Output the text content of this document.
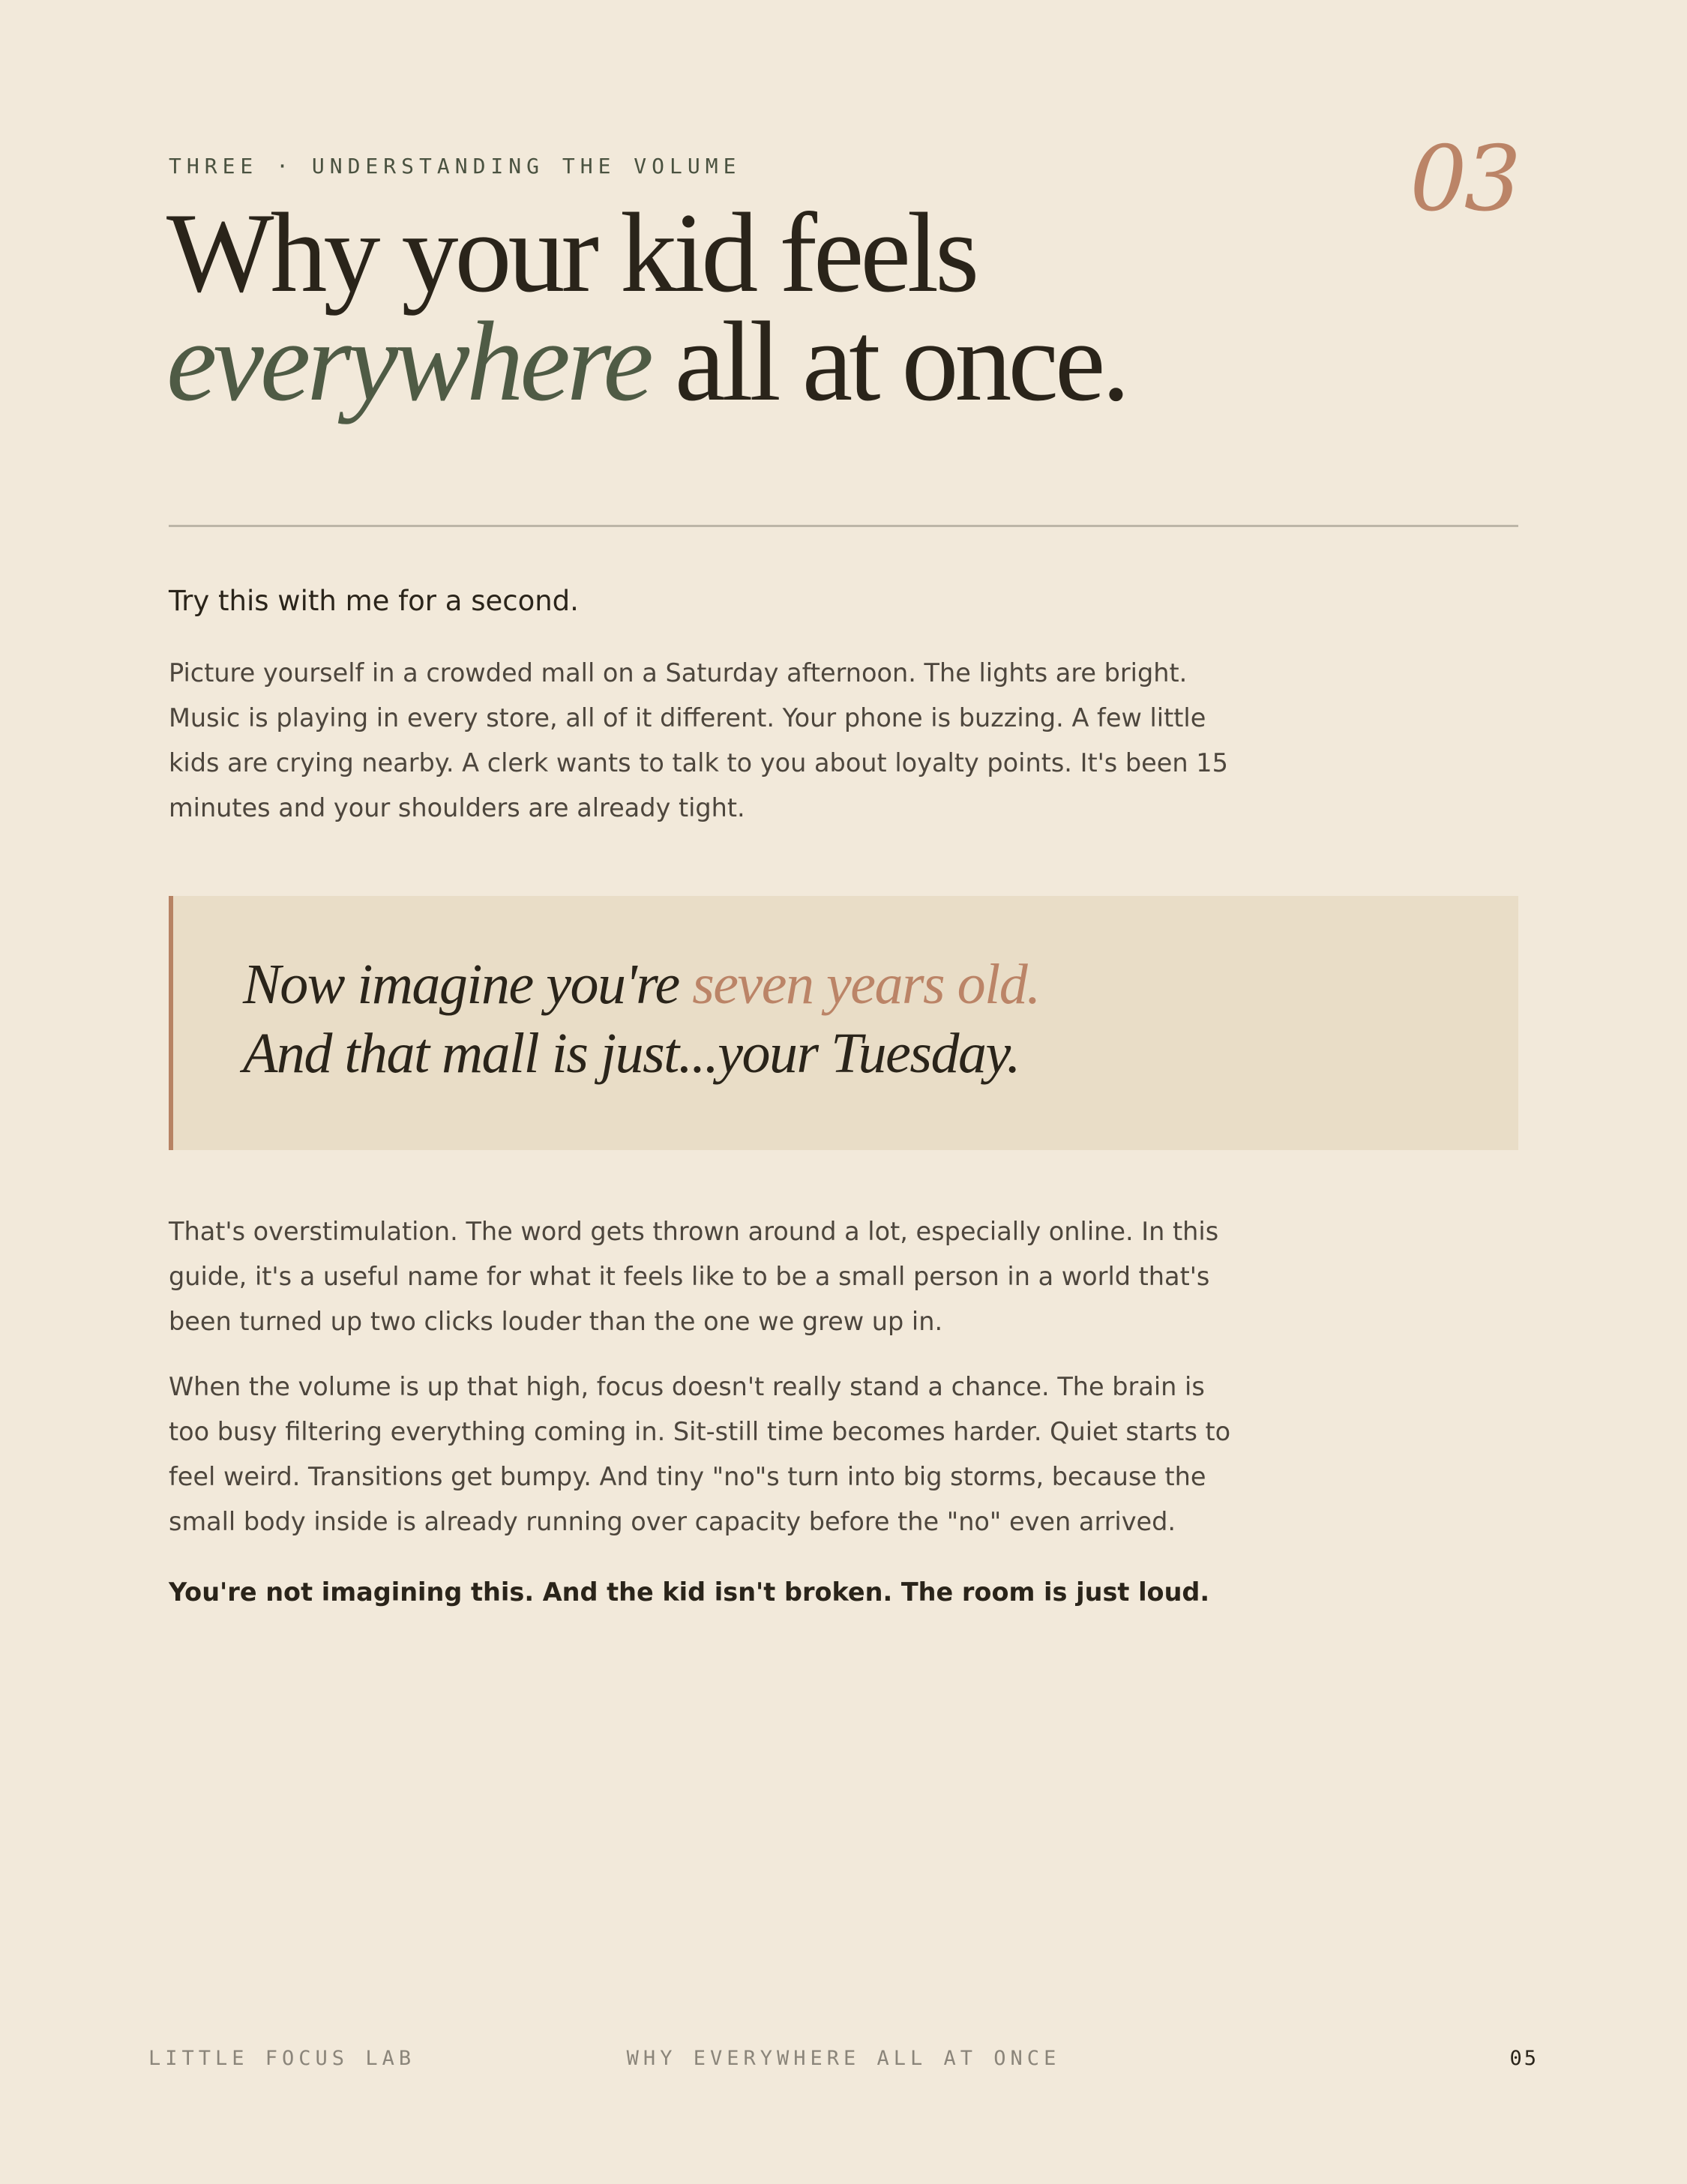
THREE · UNDERSTANDING THE VOLUME	03
Why your kid feels
everywhere all at once.
Try this with me for a second.

Picture yourself in a crowded mall on a Saturday afternoon. The lights are bright. Music is playing in every store, all of it different. Your phone is buzzing. A few little kids are crying nearby. A clerk wants to talk to you about loyalty points. It's been 15 minutes and your shoulders are already tight.

Now imagine you're seven years old.
And that mall is just...your Tuesday.

That's overstimulation. The word gets thrown around a lot, especially online. In this guide, it's a useful name for what it feels like to be a small person in a world that's been turned up two clicks louder than the one we grew up in.

When the volume is up that high, focus doesn't really stand a chance. The brain is too busy filtering everything coming in. Sit-still time becomes harder. Quiet starts to feel weird. Transitions get bumpy. And tiny "no"s turn into big storms, because the small body inside is already running over capacity before the "no" even arrived.

You're not imagining this. And the kid isn't broken. The room is just loud.

LITTLE FOCUS LAB	WHY EVERYWHERE ALL AT ONCE	05
